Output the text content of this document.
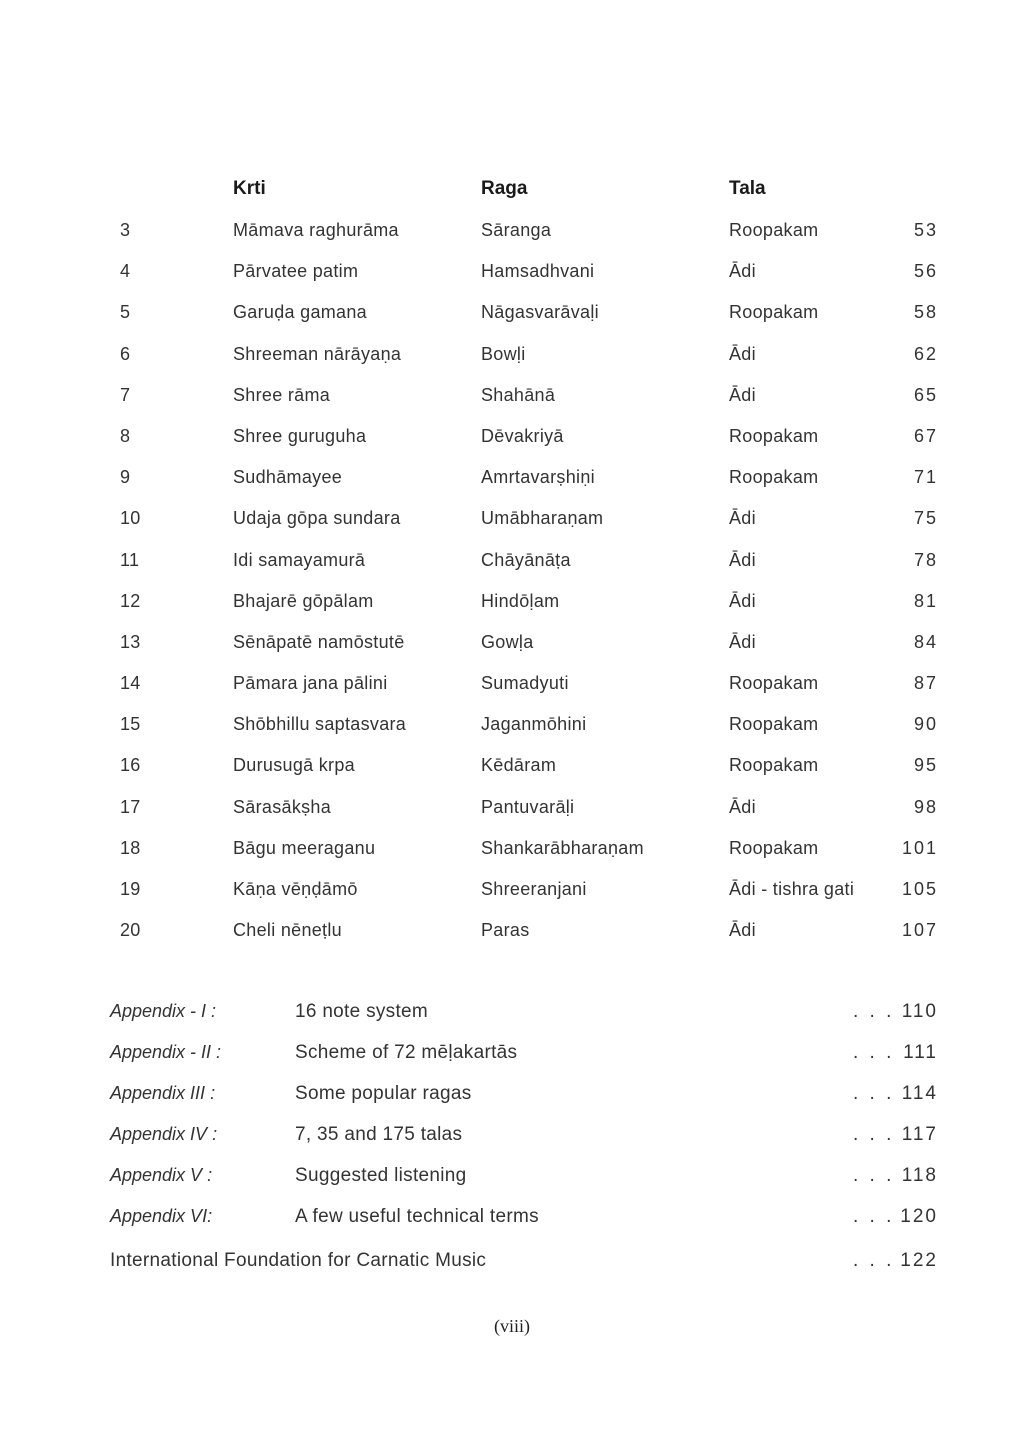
Krti	Raga	Tala
3	Māmava raghurāma	Sāranga	Roopakam	53
4	Pārvatee patim	Hamsadhvani	Ādi	56
5	Garuḍa gamana	Nāgasvarāvaḷi	Roopakam	58
6	Shreeman nārāyaṇa	Bowḷi	Ādi	62
7	Shree rāma	Shahānā	Ādi	65
8	Shree guruguha	Dēvakriyā	Roopakam	67
9	Sudhāmayee	Amrtavarṣhiṇi	Roopakam	71
10	Udaja gōpa sundara	Umābharaṇam	Ādi	75
11	Idi samayamurā	Chāyānāṭa	Ādi	78
12	Bhajarē gōpālam	Hindōḷam	Ādi	81
13	Sēnāpatē namōstutē	Gowḷa	Ādi	84
14	Pāmara jana pālini	Sumadyuti	Roopakam	87
15	Shōbhillu saptasvara	Jaganmōhini	Roopakam	90
16	Durusugā krpa	Kēdāram	Roopakam	95
17	Sārasākṣha	Pantuvarāḷi	Ādi	98
18	Bāgu meeraganu	Shankarābharaṇam	Roopakam	101
19	Kāṇa vēṇḍāmō	Shreeranjani	Ādi - tishra gati	105
20	Cheli nēneṭlu	Paras	Ādi	107
Appendix - I :	16 note system	. . . 110
Appendix - II :	Scheme of 72 mēḷakartās	. . . 111
Appendix III :	Some popular ragas	. . . 114
Appendix IV :	7, 35 and 175 talas	. . . 117
Appendix V :	Suggested listening	. . . 118
Appendix VI:	A few useful technical terms	. . . 120
International Foundation for Carnatic Music	. . . 122
(viii)
